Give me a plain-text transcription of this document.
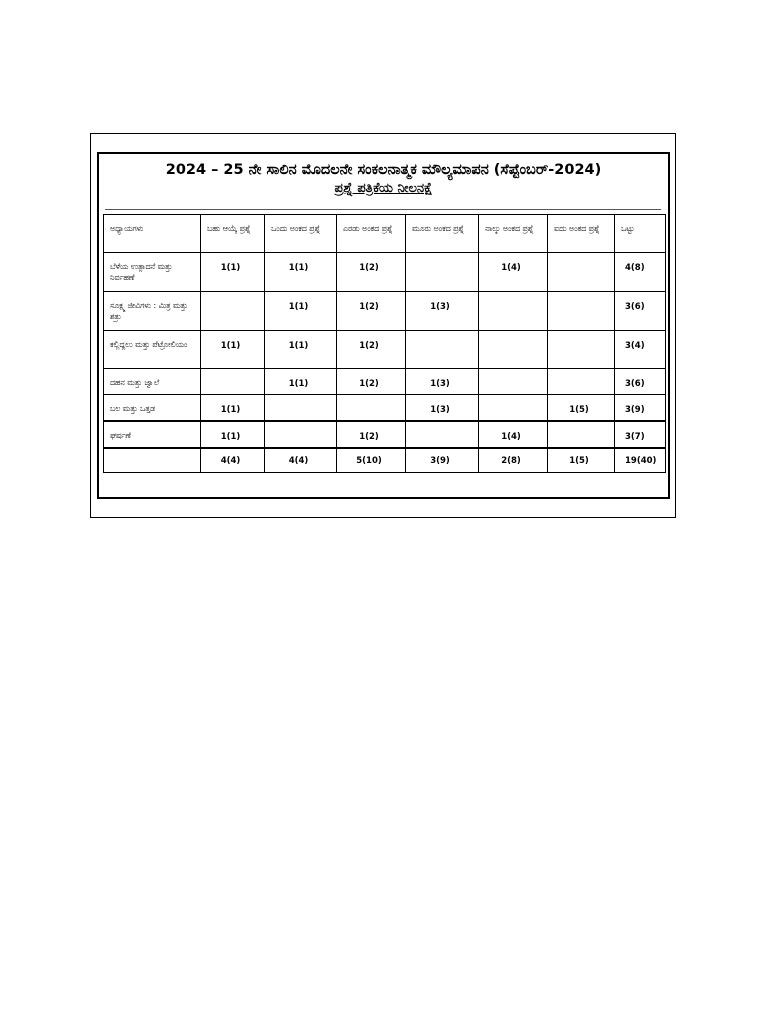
2024 – 25 ನೇ ಸಾಲಿನ ಮೊದಲನೇ ಸಂಕಲನಾತ್ಮಕ ಮೌಲ್ಯಮಾಪನ (ಸೆಪ್ಟೆಂಬರ್-2024)
ಪ್ರಶ್ನೆ ಪತ್ರಿಕೆಯ ನೀಲನಕ್ಷೆ
ಅಧ್ಯಾಯಗಳು	ಬಹು ಆಯ್ಕೆ ಪ್ರಶ್ನೆ	ಒಂದು ಅಂಕದ ಪ್ರಶ್ನೆ	ಎರಡು ಅಂಕದ ಪ್ರಶ್ನೆ	ಮೂರು ಅಂಕದ ಪ್ರಶ್ನೆ	ನಾಲ್ಕು ಅಂಕದ ಪ್ರಶ್ನೆ	ಐದು ಅಂಕದ ಪ್ರಶ್ನೆ	ಒಟ್ಟು
ಬೆಳೆಯ ಉತ್ಪಾದನೆ ಮತ್ತು ನಿರ್ವಹಣೆ	1(1)	1(1)	1(2)		1(4)		4(8)
ಸೂಕ್ಷ್ಮ ಜೀವಿಗಳು : ಮಿತ್ರ ಮತ್ತು ಶತ್ರು		1(1)	1(2)	1(3)			3(6)
ಕಲ್ಲಿದ್ದಲು ಮತ್ತು ಪೆಟ್ರೋಲಿಯಂ	1(1)	1(1)	1(2)				3(4)
ದಹನ ಮತ್ತು ಜ್ವಾಲೆ		1(1)	1(2)	1(3)			3(6)
ಬಲ ಮತ್ತು ಒತ್ತಡ	1(1)			1(3)		1(5)	3(9)
ಘರ್ಷಣೆ	1(1)		1(2)		1(4)		3(7)
	4(4)	4(4)	5(10)	3(9)	2(8)	1(5)	19(40)
